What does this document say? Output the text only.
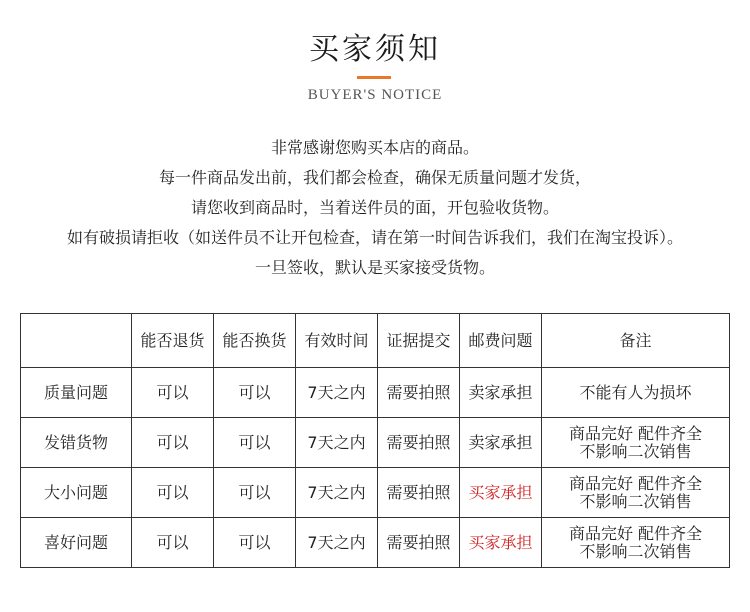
买家须知
BUYER'S NOTICE
非常感谢您购买本店的商品。
每一件商品发出前，我们都会检查，确保无质量问题才发货，
请您收到商品时，当着送件员的面，开包验收货物。
如有破损请拒收（如送件员不让开包检查，请在第一时间告诉我们，我们在淘宝投诉）。
一旦签收，默认是买家接受货物。
	能否退货	能否换货	有效时间	证据提交	邮费问题	备注
质量问题	可以	可以	7天之内	需要拍照	卖家承担	不能有人为损坏

发错货物	可以	可以	7天之内	需要拍照	卖家承担	商品完好 配件齐全
不影响二次销售

大小问题	可以	可以	7天之内	需要拍照	买家承担	商品完好 配件齐全
不影响二次销售

喜好问题	可以	可以	7天之内	需要拍照	买家承担	商品完好 配件齐全
不影响二次销售
